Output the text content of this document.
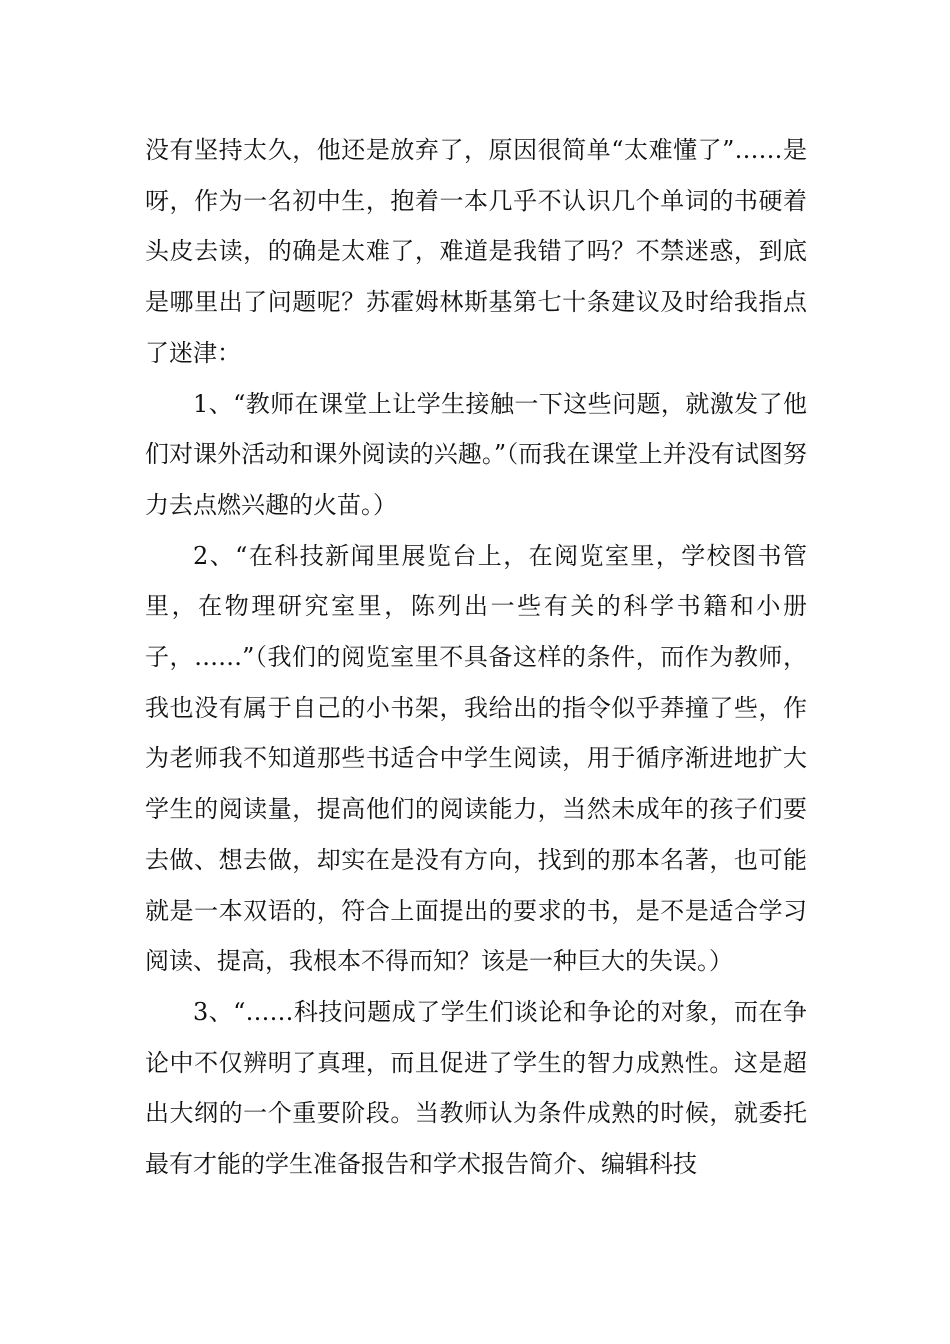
没有坚持太久，他还是放弃了，原因很简单“太难懂了”……是呀，作为一名初中生，抱着一本几乎不认识几个单词的书硬着头皮去读，的确是太难了，难道是我错了吗？不禁迷惑，到底是哪里出了问题呢？苏霍姆林斯基第七十条建议及时给我指点了迷津：

1、“教师在课堂上让学生接触一下这些问题，就激发了他们对课外活动和课外阅读的兴趣。”（而我在课堂上并没有试图努力去点燃兴趣的火苗。）

2、“在科技新闻里展览台上，在阅览室里，学校图书管里，在物理研究室里，陈列出一些有关的科学书籍和小册子，……”（我们的阅览室里不具备这样的条件，而作为教师，我也没有属于自己的小书架，我给出的指令似乎莽撞了些，作为老师我不知道那些书适合中学生阅读，用于循序渐进地扩大学生的阅读量，提高他们的阅读能力，当然未成年的孩子们要去做、想去做，却实在是没有方向，找到的那本名著，也可能就是一本双语的，符合上面提出的要求的书，是不是适合学习阅读、提高，我根本不得而知？该是一种巨大的失误。）

3、“……科技问题成了学生们谈论和争论的对象，而在争论中不仅辨明了真理，而且促进了学生的智力成熟性。这是超出大纲的一个重要阶段。当教师认为条件成熟的时候，就委托最有才能的学生准备报告和学术报告简介、编辑科技
